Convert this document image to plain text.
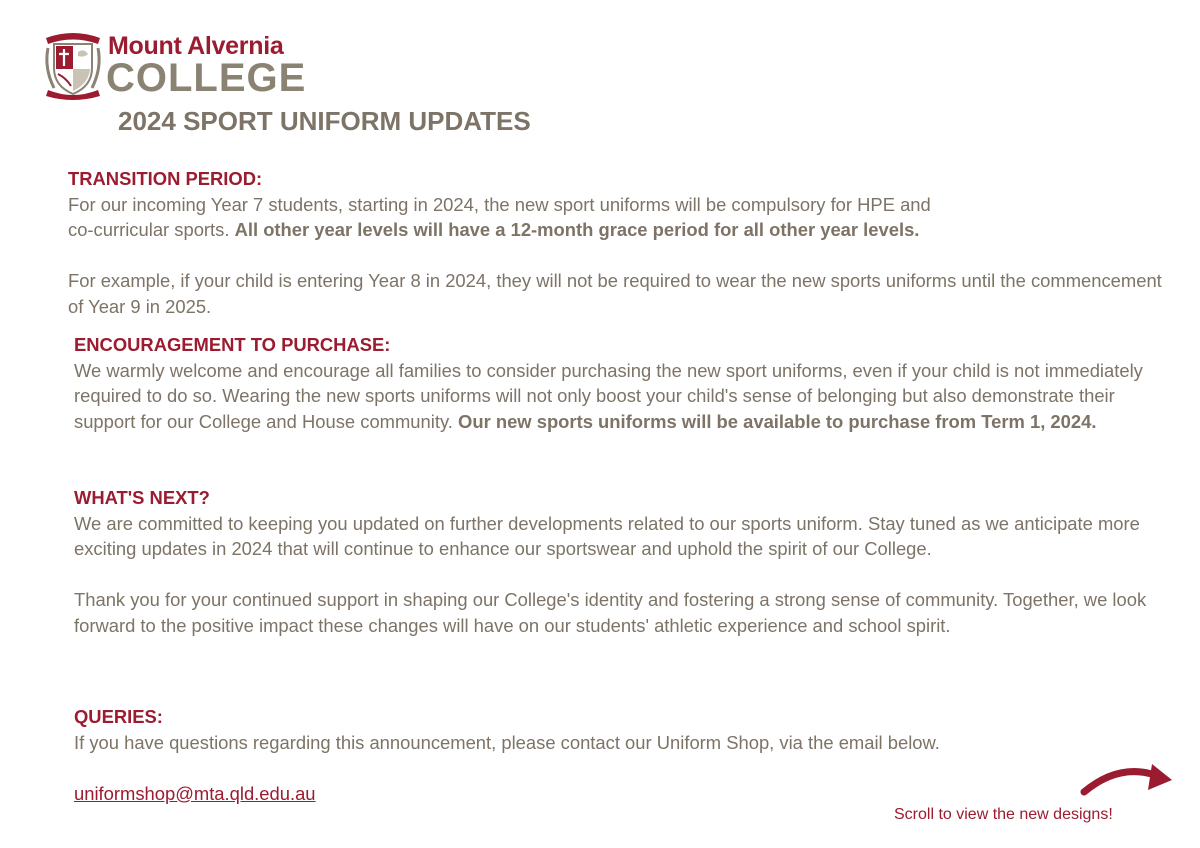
Mount Alvernia
COLLEGE
2024 SPORT UNIFORM UPDATES

TRANSITION PERIOD:

For our incoming Year 7 students, starting in 2024, the new sport uniforms will be compulsory for HPE and

co-curricular sports. All other year levels will have a 12-month grace period for all other year levels.

For example, if your child is entering Year 8 in 2024, they will not be required to wear the new sports uniforms until the commencement of Year 9 in 2025.

ENCOURAGEMENT TO PURCHASE:

We warmly welcome and encourage all families to consider purchasing the new sport uniforms, even if your child is not immediately required to do so. Wearing the new sports uniforms will not only boost your child's sense of belonging but also demonstrate their support for our College and House community. Our new sports uniforms will be available to purchase from Term 1, 2024.

WHAT'S NEXT?

We are committed to keeping you updated on further developments related to our sports uniform. Stay tuned as we anticipate more exciting updates in 2024 that will continue to enhance our sportswear and uphold the spirit of our College.

Thank you for your continued support in shaping our College's identity and fostering a strong sense of community. Together, we look forward to the positive impact these changes will have on our students' athletic experience and school spirit.

QUERIES:

If you have questions regarding this announcement, please contact our Uniform Shop, via the email below.

uniformshop@mta.qld.edu.au

Scroll to view the new designs!
